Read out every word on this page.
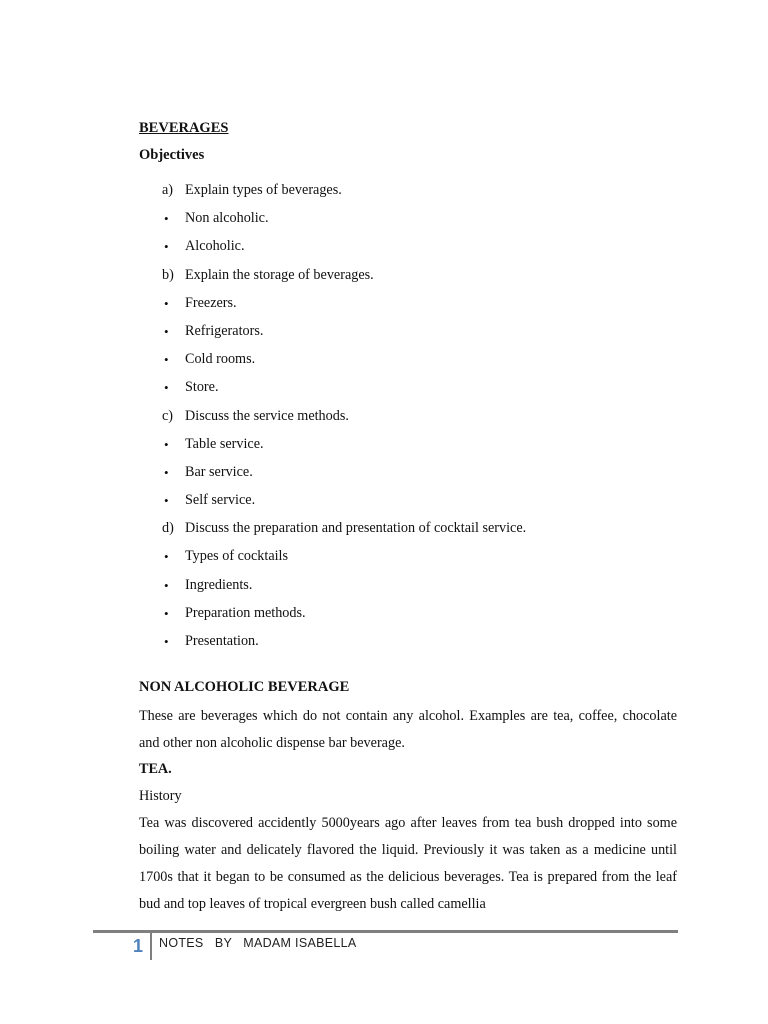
BEVERAGES

Objectives

a) Explain types of beverages.
• Non alcoholic.
• Alcoholic.
b) Explain the storage of beverages.
• Freezers.
• Refrigerators.
• Cold rooms.
• Store.
c) Discuss the service methods.
• Table service.
• Bar service.
• Self service.
d) Discuss the preparation and presentation of cocktail service.
• Types of cocktails
• Ingredients.
• Preparation methods.
• Presentation.

NON ALCOHOLIC BEVERAGE

These are beverages which do not contain any alcohol. Examples are tea, coffee, chocolate and other non alcoholic dispense bar beverage.

TEA.

History

Tea was discovered accidently 5000years ago after leaves from tea bush dropped into some boiling water and delicately flavored the liquid. Previously it was taken as a medicine until 1700s that it began to be consumed as the delicious beverages. Tea is prepared from the leaf bud and top leaves of tropical evergreen bush called camellia

1 NOTES   BY   MADAM ISABELLA
